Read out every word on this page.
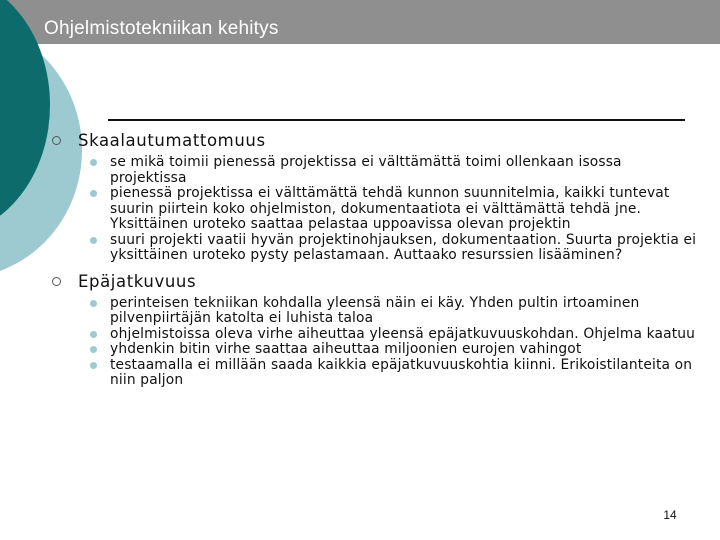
Ohjelmistotekniikan kehitys
Skaalautumattomuus
se mikä toimii pienessä projektissa ei välttämättä toimi ollenkaan isossa projektissa
pienessä projektissa ei välttämättä tehdä kunnon suunnitelmia, kaikki tuntevat suurin piirtein koko ohjelmiston, dokumentaatiota ei välttämättä tehdä jne. Yksittäinen uroteko saattaa pelastaa uppoavissa olevan projektin
suuri projekti vaatii hyvän projektinohjauksen, dokumentaation. Suurta projektia ei yksittäinen uroteko pysty pelastamaan. Auttaako resurssien lisääminen?
Epäjatkuvuus
perinteisen tekniikan kohdalla yleensä näin ei käy. Yhden pultin irtoaminen pilvenpiirtäjän katolta ei luhista taloa
ohjelmistoissa oleva virhe aiheuttaa yleensä epäjatkuvuuskohdan. Ohjelma kaatuu
yhdenkin bitin virhe saattaa aiheuttaa miljoonien eurojen vahingot
testaamalla ei millään saada kaikkia epäjatkuvuuskohtia kiinni. Erikoistilanteita on niin paljon
14
